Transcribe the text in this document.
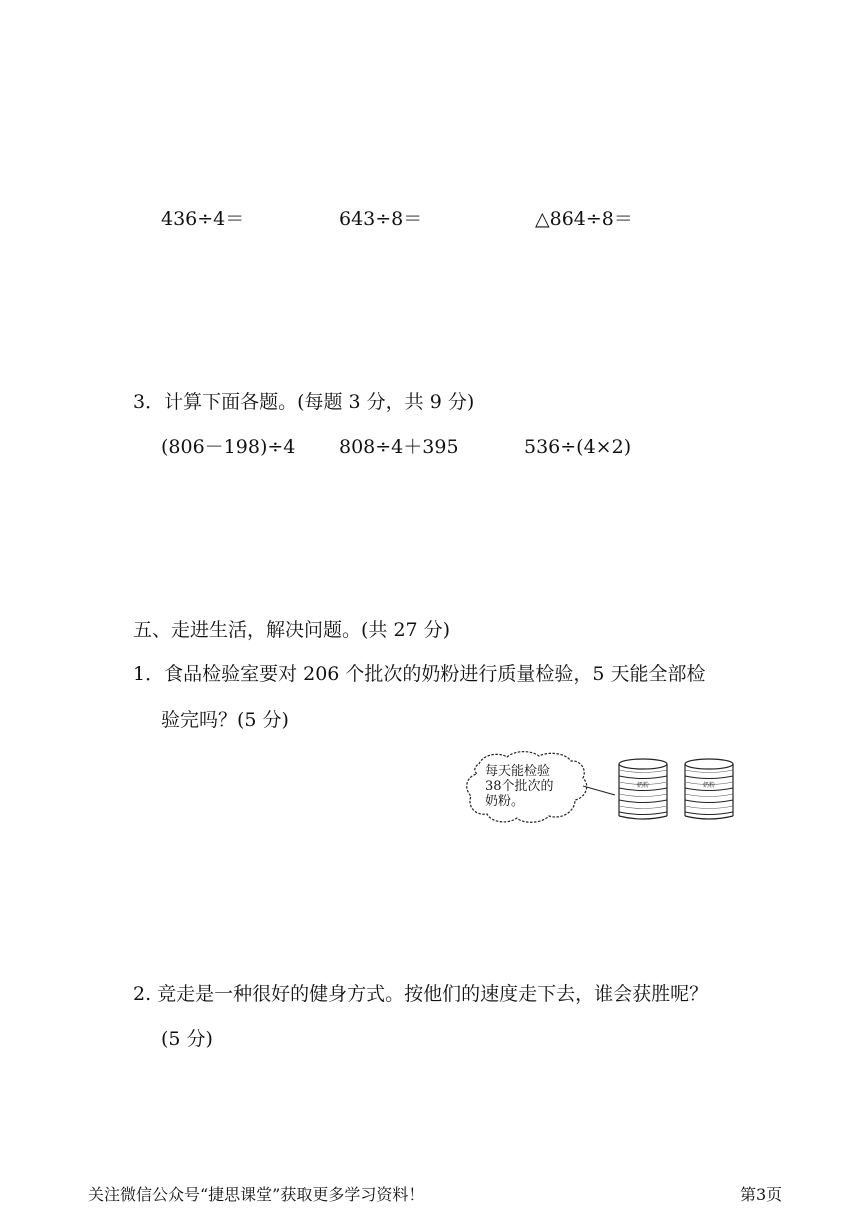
436÷4＝	643÷8＝	△864÷8＝
3．计算下面各题。(每题 3 分，共 9 分)
(806－198)÷4 808÷4＋395	536÷(4×2)
五、走进生活，解决问题。(共 27 分)
1．食品检验室要对 206 个批次的奶粉进行质量检验，5 天能全部检
验完吗？(5 分)
奶粉	奶粉
每天能检验
38个批次的
奶粉。
2. 竞走是一种很好的健身方式。按他们的速度走下去，谁会获胜呢？
(5 分)
关注微信公众号“捷思课堂”获取更多学习资料！	第3页
